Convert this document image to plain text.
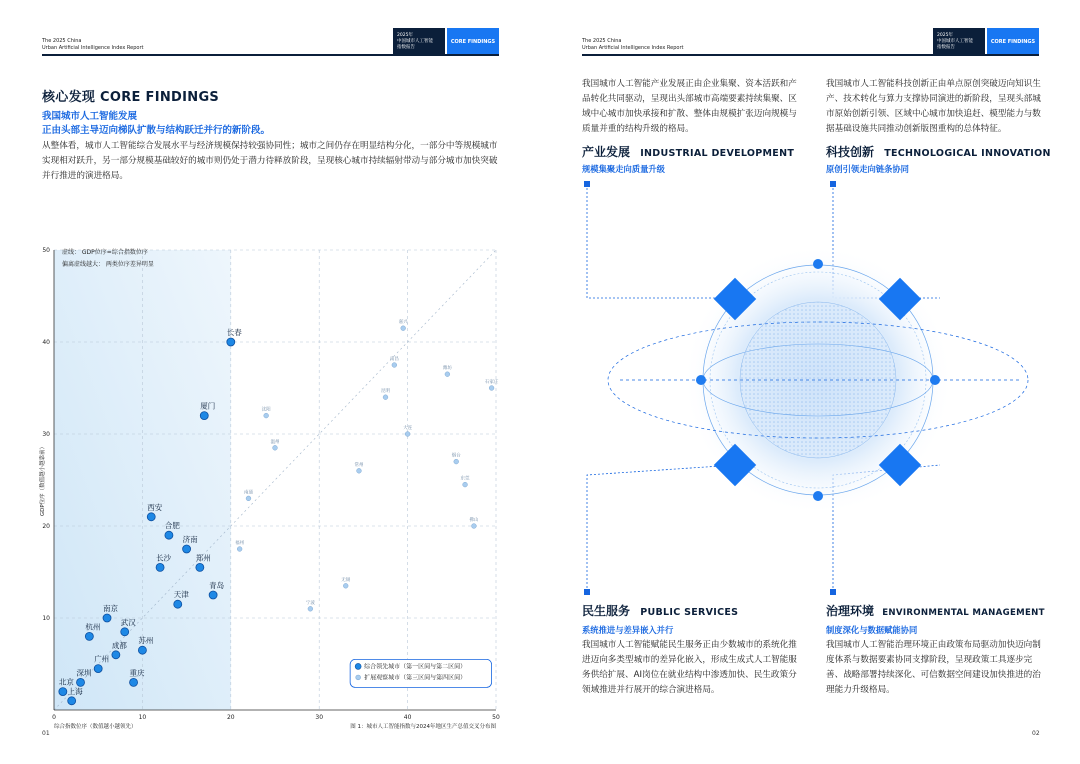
The 2025 China
Urban Artificial Intelligence Index Report
2025年
中国城市人工智能
指数报告
CORE FINDINGS
核心发现 CORE FINDINGS
我国城市人工智能发展
正由头部主导迈向梯队扩散与结构跃迁并行的新阶段。
从整体看，城市人工智能综合发展水平与经济规模保持较强协同性；城市之间仍存在明显结构分化，一部分中等规模城市实现相对跃升，另一部分规模基础较好的城市则仍处于潜力待释放阶段，呈现核心城市持续辐射带动与部分城市加快突破并行推进的演进格局。
0	10	20	30	40	50
10
20
30
40
50
综合指数位序（数值越小越领先）
GDP位序（数值越小越靠前）
图 1：城市人工智能指数与2024年地区生产总值交叉分布图
虚线： GDP位序=综合指数位序
偏离虚线越大： 两类位序差异明显
北京
上海
深圳
广州
杭州
南京
武汉
成都
重庆
苏州
天津
青岛
郑州
长沙
济南
合肥
西安
厦门
长春
嘉兴
南昌
潍坊
石家庄
昆明
沈阳
大连
温州
烟台
常州
东莞
南通
佛山
福州
无锡
宁波
综合领先城市（第一区间与第二区间）
扩展观察城市（第三区间与第四区间）
01
The 2025 China
Urban Artificial Intelligence Index Report
2025年
中国城市人工智能
指数报告
CORE FINDINGS
我国城市人工智能产业发展正由企业集聚、资本活跃和产品转化共同驱动，呈现出头部城市高端要素持续集聚、区域中心城市加快承接和扩散、整体由规模扩张迈向规模与质量并重的结构升级的格局。
产业发展 INDUSTRIAL DEVELOPMENT
规模集聚走向质量升级
我国城市人工智能科技创新正由单点原创突破迈向知识生产、技术转化与算力支撑协同演进的新阶段，呈现头部城市原始创新引领、区域中心城市加快追赶、模型能力与数据基础设施共同推动创新版图重构的总体特征。
科技创新 TECHNOLOGICAL INNOVATION
原创引领走向链条协同
民生服务 PUBLIC SERVICES
系统推进与差异嵌入并行
我国城市人工智能赋能民生服务正由少数城市的系统化推进迈向多类型城市的差异化嵌入，形成生成式人工智能服务供给扩展、AI岗位在就业结构中渗透加快、民生政策分领域推进并行展开的综合演进格局。
治理环境 ENVIRONMENTAL MANAGEMENT
制度深化与数据赋能协同
我国城市人工智能治理环境正由政策布局驱动加快迈向制度体系与数据要素协同支撑阶段，呈现政策工具逐步完善、战略部署持续深化、可信数据空间建设加快推进的治理能力升级格局。
02
